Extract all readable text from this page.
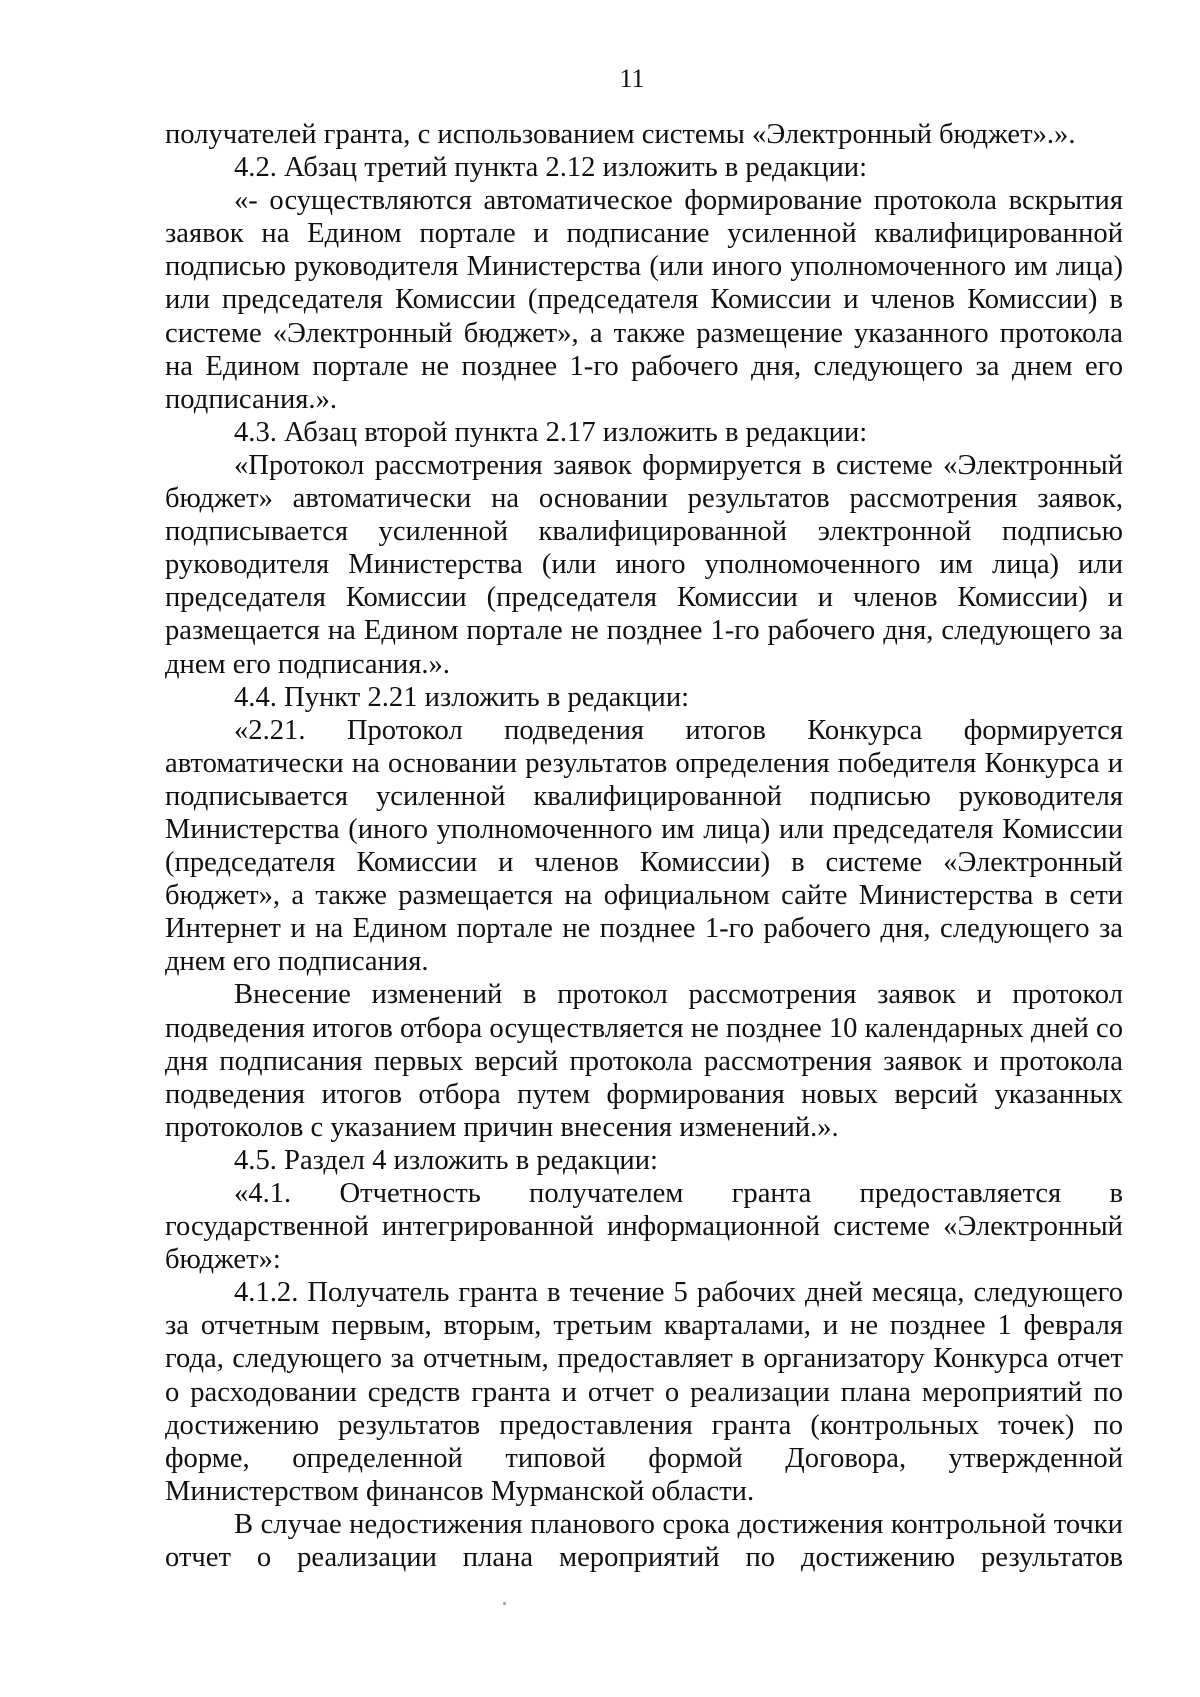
11

получателей гранта, с использованием системы «Электронный бюджет».».

4.2. Абзац третий пункта 2.12 изложить в редакции:

«- осуществляются автоматическое формирование протокола вскрытия заявок на Едином портале и подписание усиленной квалифицированной подписью руководителя Министерства (или иного уполномоченного им лица) или председателя Комиссии (председателя Комиссии и членов Комиссии) в системе «Электронный бюджет», а также размещение указанного протокола на Едином портале не позднее 1-го рабочего дня, следующего за днем его подписания.».

4.3. Абзац второй пункта 2.17 изложить в редакции:

«Протокол рассмотрения заявок формируется в системе «Электронный бюджет» автоматически на основании результатов рассмотрения заявок, подписывается усиленной квалифицированной электронной подписью руководителя Министерства (или иного уполномоченного им лица) или председателя Комиссии (председателя Комиссии и членов Комиссии) и размещается на Едином портале не позднее 1-го рабочего дня, следующего за днем его подписания.».

4.4. Пункт 2.21 изложить в редакции:

«2.21. Протокол подведения итогов Конкурса формируется автоматически на основании результатов определения победителя Конкурса и подписывается усиленной квалифицированной подписью руководителя Министерства (иного уполномоченного им лица) или председателя Комиссии (председателя Комиссии и членов Комиссии) в системе «Электронный бюджет», а также размещается на официальном сайте Министерства в сети Интернет и на Едином портале не позднее 1-го рабочего дня, следующего за днем его подписания.

Внесение изменений в протокол рассмотрения заявок и протокол подведения итогов отбора осуществляется не позднее 10 календарных дней со дня подписания первых версий протокола рассмотрения заявок и протокола подведения итогов отбора путем формирования новых версий указанных протоколов с указанием причин внесения изменений.».

4.5. Раздел 4 изложить в редакции:

«4.1. Отчетность получателем гранта предоставляется в государственной интегрированной информационной системе «Электронный бюджет»:

4.1.2. Получатель гранта в течение 5 рабочих дней месяца, следующего за отчетным первым, вторым, третьим кварталами, и не позднее 1 февраля года, следующего за отчетным, предоставляет в организатору Конкурса отчет о расходовании средств гранта и отчет о реализации плана мероприятий по достижению результатов предоставления гранта (контрольных точек) по форме, определенной типовой формой Договора, утвержденной Министерством финансов Мурманской области.

В случае недостижения планового срока достижения контрольной точки отчет о реализации плана мероприятий по достижению результатов
